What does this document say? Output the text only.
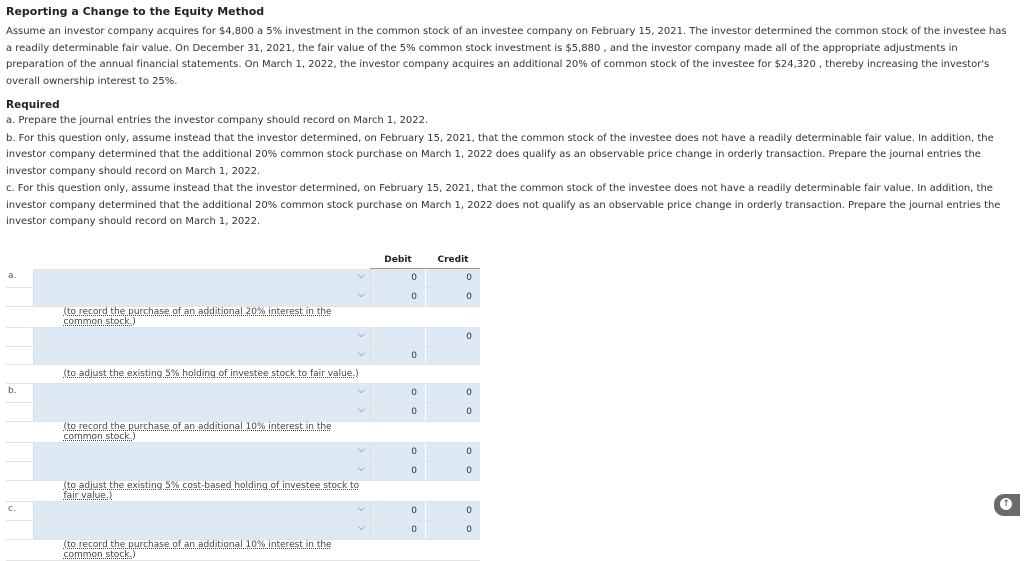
Reporting a Change to the Equity Method
Assume an investor company acquires for $4,800 a 5% investment in the common stock of an investee company on February 15, 2021. The investor determined the common stock of the investee has a readily determinable fair value. On December 31, 2021, the fair value of the 5% common stock investment is $5,880 , and the investor company made all of the appropriate adjustments in preparation of the annual financial statements. On March 1, 2022, the investor company acquires an additional 20% of common stock of the investee for $24,320 , thereby increasing the investor's overall ownership interest to 25%.
Required
a. Prepare the journal entries the investor company should record on March 1, 2022.
b. For this question only, assume instead that the investor determined, on February 15, 2021, that the common stock of the investee does not have a readily determinable fair value. In addition, the investor company determined that the additional 20% common stock purchase on March 1, 2022 does qualify as an observable price change in orderly transaction. Prepare the journal entries the investor company should record on March 1, 2022.
c. For this question only, assume instead that the investor determined, on February 15, 2021, that the common stock of the investee does not have a readily determinable fair value. In addition, the investor company determined that the additional 20% common stock purchase on March 1, 2022 does not qualify as an observable price change in orderly transaction. Prepare the journal entries the investor company should record on March 1, 2022.
		Debit	Credit
a.	⌵	0	0

	⌵	0	0
	(to record the purchase of an additional 20% interest in the common stock.)		

	⌵		0

	⌵	0	
	(to adjust the existing 5% holding of investee stock to fair value.)		
b.	⌵	0	0

	⌵	0	0
	(to record the purchase of an additional 10% interest in the common stock.)		

	⌵	0	0

	⌵	0	0
	(to adjust the existing 5% cost-based holding of investee stock to fair value.)		
c.	⌵	0	0

	⌵	0	0
	(to record the purchase of an additional 10% interest in the common stock.)		
↑
